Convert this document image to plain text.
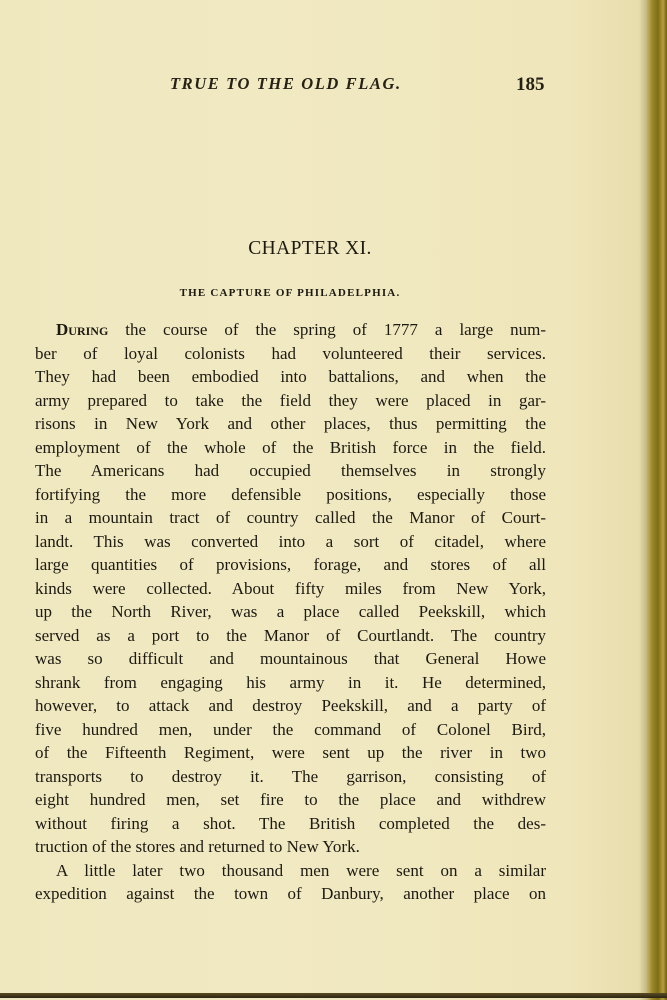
TRUE TO THE OLD FLAG.	185
CHAPTER XI.
THE CAPTURE OF PHILADELPHIA.
During the course of the spring of 1777 a large num-
ber of loyal colonists had volunteered their services.
They had been embodied into battalions, and when the
army prepared to take the field they were placed in gar-
risons in New York and other places, thus permitting the
employment of the whole of the British force in the field.
The Americans had occupied themselves in strongly
fortifying the more defensible positions, especially those
in a mountain tract of country called the Manor of Court-
landt. This was converted into a sort of citadel, where
large quantities of provisions, forage, and stores of all
kinds were collected. About fifty miles from New York,
up the North River, was a place called Peekskill, which
served as a port to the Manor of Courtlandt. The country
was so difficult and mountainous that General Howe
shrank from engaging his army in it. He determined,
however, to attack and destroy Peekskill, and a party of
five hundred men, under the command of Colonel Bird,
of the Fifteenth Regiment, were sent up the river in two
transports to destroy it. The garrison, consisting of
eight hundred men, set fire to the place and withdrew
without firing a shot. The British completed the des-
truction of the stores and returned to New York.
A little later two thousand men were sent on a similar
expedition against the town of Danbury, another place on
